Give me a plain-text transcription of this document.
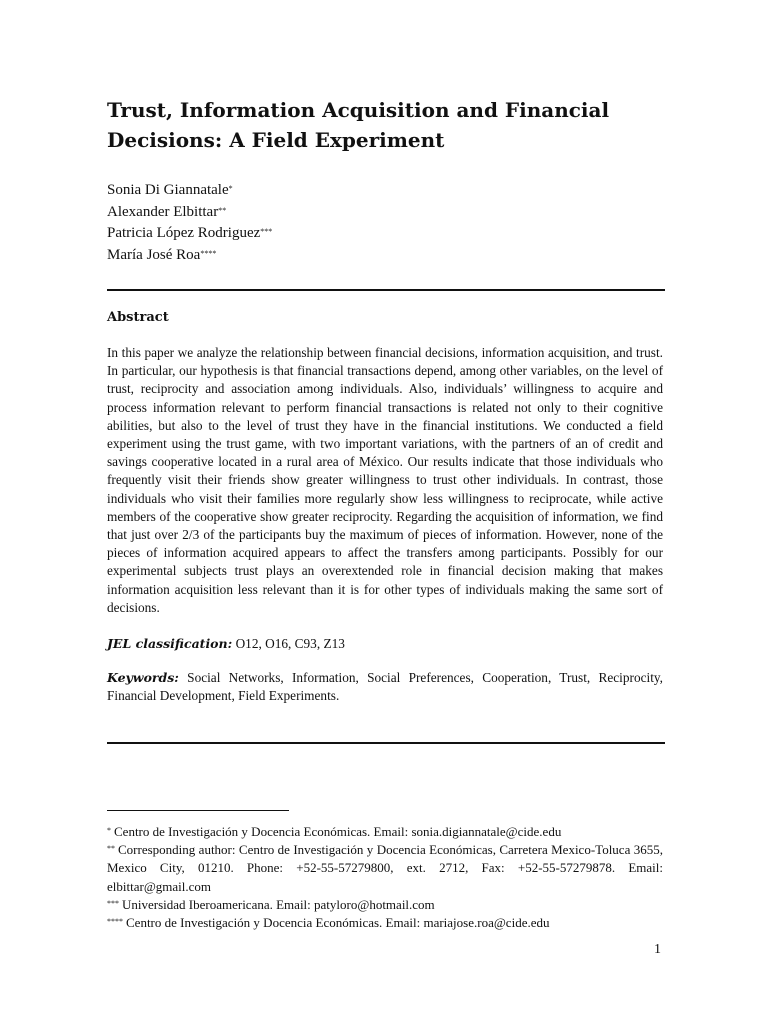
Trust, Information Acquisition and Financial Decisions: A Field Experiment
Sonia Di Giannatale*
Alexander Elbittar**
Patricia López Rodriguez***
María José Roa****
Abstract

In this paper we analyze the relationship between financial decisions, information acquisition, and trust. In particular, our hypothesis is that financial transactions depend, among other variables, on the level of trust, reciprocity and association among individuals. Also, individuals’ willingness to acquire and process information relevant to perform financial transactions is related not only to their cognitive abilities, but also to the level of trust they have in the financial institutions. We conducted a field experiment using the trust game, with two important variations, with the partners of an of credit and savings cooperative located in a rural area of México. Our results indicate that those individuals who frequently visit their friends show greater willingness to trust other individuals. In contrast, those individuals who visit their families more regularly show less willingness to reciprocate, while active members of the cooperative show greater reciprocity. Regarding the acquisition of information, we find that just over 2/3 of the participants buy the maximum of pieces of information. However, none of the pieces of information acquired appears to affect the transfers among participants. Possibly for our experimental subjects trust plays an overextended role in financial decision making that makes information acquisition less relevant than it is for other types of individuals making the same sort of decisions.

JEL classification: O12, O16, C93, Z13

Keywords: Social Networks, Information, Social Preferences, Cooperation, Trust, Reciprocity, Financial Development, Field Experiments.

* Centro de Investigación y Docencia Económicas. Email: sonia.digiannatale@cide.edu

** Corresponding author: Centro de Investigación y Docencia Económicas, Carretera Mexico-Toluca 3655, Mexico City, 01210. Phone: +52-55-57279800, ext. 2712, Fax: +52-55-57279878. Email: elbittar@gmail.com

*** Universidad Iberoamericana. Email: patyloro@hotmail.com

**** Centro de Investigación y Docencia Económicas. Email: mariajose.roa@cide.edu

1
